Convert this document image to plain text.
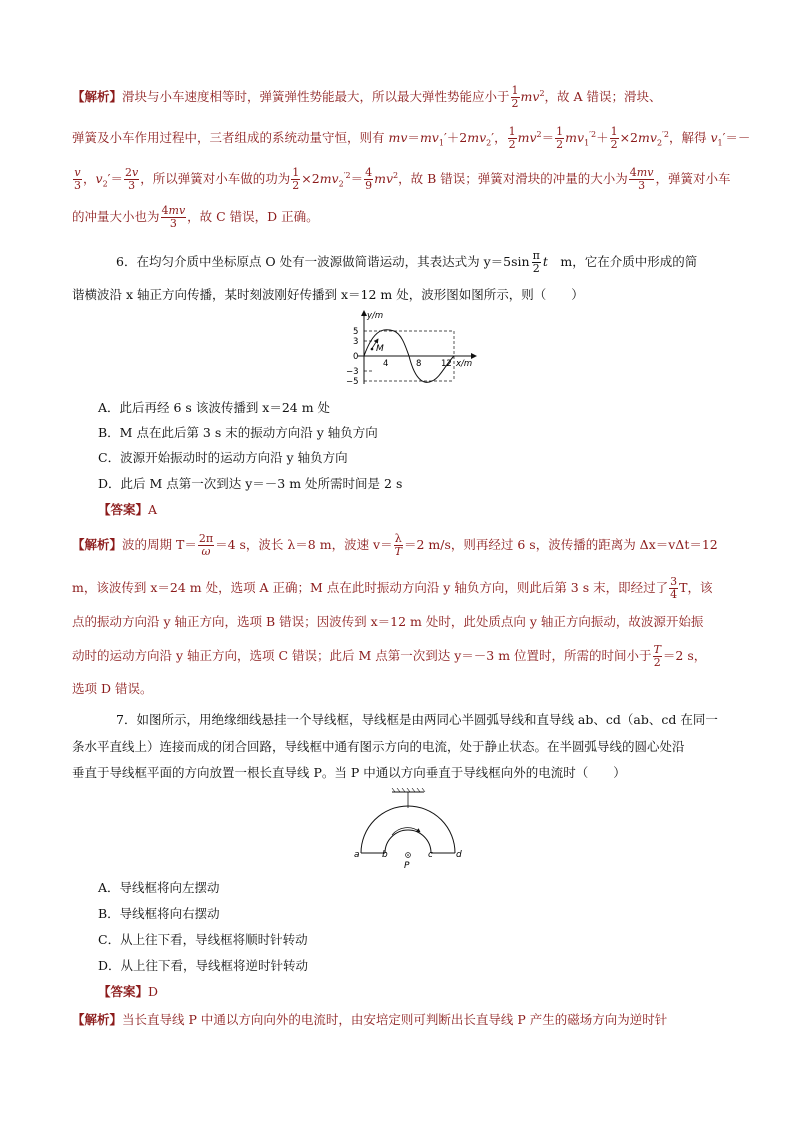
【解析】滑块与小车速度相等时，弹簧弹性势能最大，所以最大弹性势能应小于 $\frac{1}{2} mv^2$，故 A 错误；滑块、
弹簧及小车作用过程中，三者组成的系统动量守恒，则有 $mv=mv_1'+2mv_2'$， $\frac{1}{2} mv^2= \frac{1}{2} mv_1^{'2}+ \frac{1}{2} \times 2mv_2^{'2}$，解得 $v_1'=-$
$\frac{v}{3}$ ，$v_2'= \frac{2v}{3}$ ，所以弹簧对小车做的功为 $\frac{1}{2} \times 2mv_2^{'2}= \frac{4}{9} mv^2$，故 B 错误；弹簧对滑块的冲量的大小为 $\frac{4mv}{3}$ ，弹簧对小车
的冲量大小也为 $\frac{4mv}{3}$ ，故 C 错误，D 正确。
6．在均匀介质中坐标原点 O 处有一波源做简谐运动，其表达式为 $y=5\sin \frac{\pi}{2}$ t　 m，它在介质中形成的简
谐横波沿 x 轴正方向传播，某时刻波刚好传播到 x＝12 m 处，波形图如图所示，则（　　）
M
y/m
x/m
5
3
0
−3
−5
4	8 12
A．此后再经 6 s 该波传播到 x＝24 m 处
B．M 点在此后第 3 s 末的振动方向沿 y 轴负方向
C．波源开始振动时的运动方向沿 y 轴负方向
D．此后 M 点第一次到达 y＝－3 m 处所需时间是 2 s
【答案】A
【解析】波的周期 $T= \frac{2\pi}{\omega} =4$ s，波长 λ＝8 m，波速 $v= \frac{\lambda}{T} =2$ m/s，则再经过 6 s，波传播的距离为 Δx＝vΔt＝12
m，该波传到 x＝24 m 处，选项 A 正确；M 点在此时振动方向沿 y 轴负方向，则此后第 3 s 末，即经过了 $\frac{3}{4}$ T，该
点的振动方向沿 y 轴正方向，选项 B 错误；因波传到 x＝12 m 处时，此处质点向 y 轴正方向振动，故波源开始振
动时的运动方向沿 y 轴正方向，选项 C 错误；此后 M 点第一次到达 y＝－3 m 位置时，所需的时间小于 $\frac{T}{2} =2$ s，
选项 D 错误。
7．如图所示，用绝缘细线悬挂一个导线框，导线框是由两同心半圆弧导线和直导线 ab、cd（ab、cd 在同一
条水平直线上）连接而成的闭合回路，导线框中通有图示方向的电流，处于静止状态。在半圆弧导线的圆心处沿
垂直于导线框平面的方向放置一根长直导线 P。当 P 中通以方向垂直于导线框向外的电流时（　　）
a b	c	d
P
A．导线框将向左摆动
B．导线框将向右摆动
C．从上往下看，导线框将顺时针转动
D．从上往下看，导线框将逆时针转动
【答案】D
【解析】当长直导线 P 中通以方向向外的电流时，由安培定则可判断出长直导线 P 产生的磁场方向为逆时针
